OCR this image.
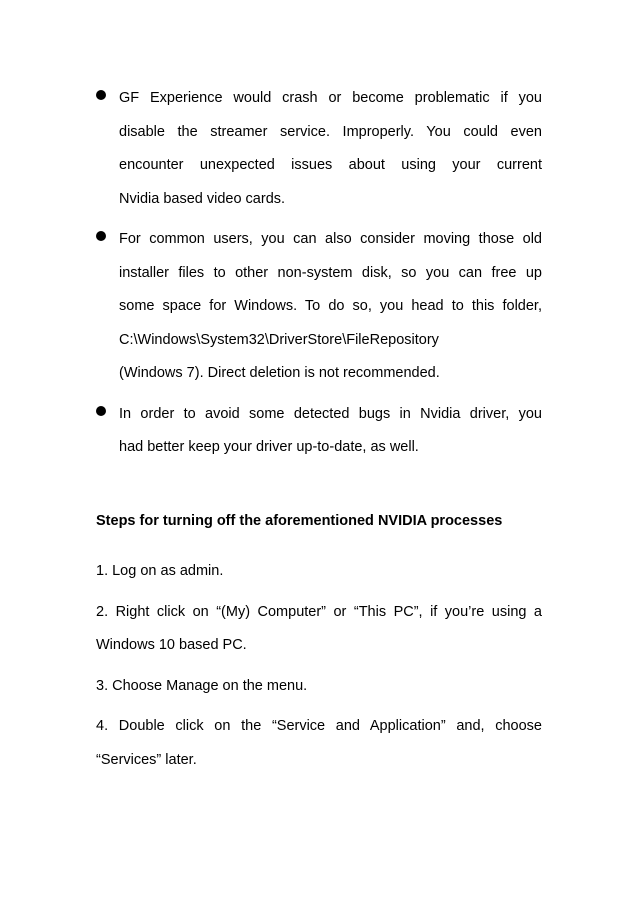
GF Experience would crash or become problematic if you
disable the streamer service. Improperly. You could even
encounter unexpected issues about using your current
Nvidia based video cards.
For common users, you can also consider moving those old
installer files to other non-system disk, so you can free up
some space for Windows. To do so, you head to this folder,
C:\Windows\System32\DriverStore\FileRepository
(Windows 7). Direct deletion is not recommended.
In order to avoid some detected bugs in Nvidia driver, you
had better keep your driver up-to-date, as well.
Steps for turning off the aforementioned NVIDIA processes

1. Log on as admin.

2. Right click on “(My) Computer” or “This PC”, if you’re using a
Windows 10 based PC.

3. Choose Manage on the menu.

4. Double click on the “Service and Application” and, choose
“Services” later.
